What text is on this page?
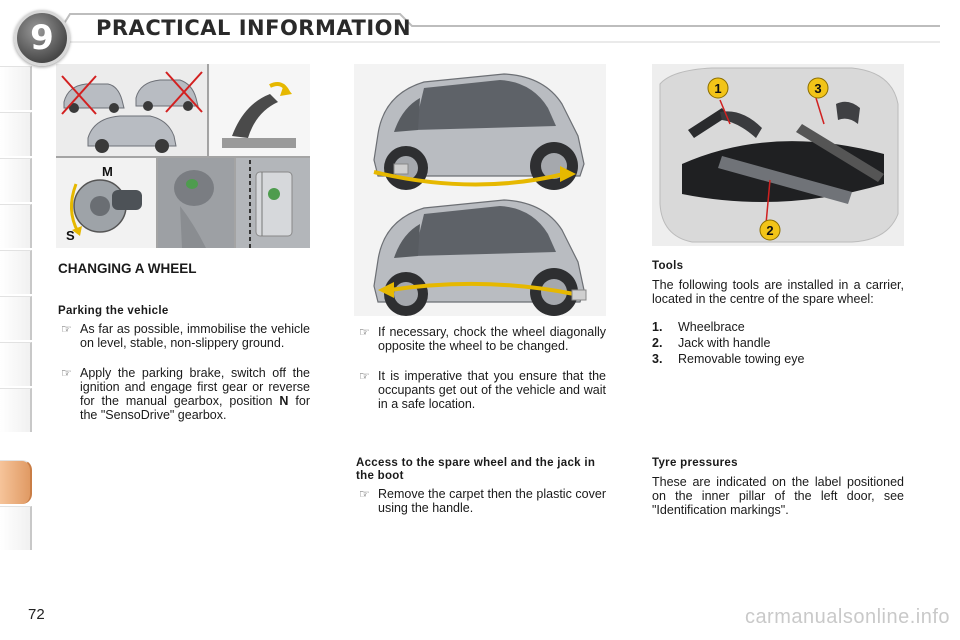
9 PRACTICAL INFORMATION
M
S
1
2
3
CHANGING A WHEEL
Parking the vehicle
☞ As far as possible, immobilise the vehicle on level, stable, non-slippery ground.
☞ Apply the parking brake, switch off the ignition and engage first gear or reverse for the manual gearbox, position N for the "SensoDrive" gearbox.
☞ If necessary, chock the wheel diagonally opposite the wheel to be changed.
☞ It is imperative that you ensure that the occupants get out of the vehicle and wait in a safe location.
Access to the spare wheel and the jack in the boot
☞ Remove the carpet then the plastic cover using the handle.
Tools
The following tools are installed in a carrier, located in the centre of the spare wheel:
1. Wheelbrace
2. Jack with handle
3. Removable towing eye
Tyre pressures
These are indicated on the label positioned on the inner pillar of the left door, see "Identification markings".
72	carmanualsonline.info
